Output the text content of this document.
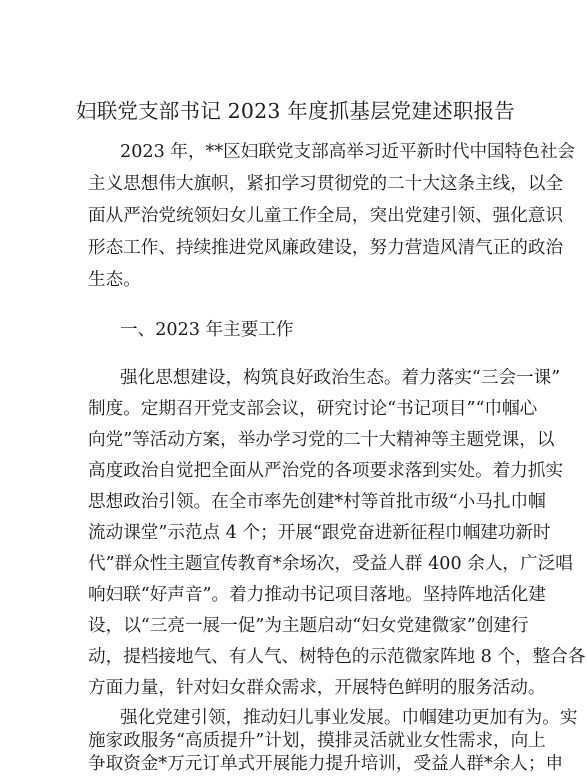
妇联党支部书记 2023 年度抓基层党建述职报告
2023 年，**区妇联党支部高举习近平新时代中国特色社会
主义思想伟大旗帜，紧扣学习贯彻党的二十大这条主线，以全
面从严治党统领妇女儿童工作全局，突出党建引领、强化意识
形态工作、持续推进党风廉政建设，努力营造风清气正的政治
生态。
一、2023 年主要工作
强化思想建设，构筑良好政治生态。着力落实“三会一课”
制度。定期召开党支部会议，研究讨论“书记项目”“巾帼心
向党”等活动方案，举办学习党的二十大精神等主题党课，以
高度政治自觉把全面从严治党的各项要求落到实处。着力抓实
思想政治引领。在全市率先创建*村等首批市级“小马扎巾帼
流动课堂”示范点 4 个；开展“跟党奋进新征程巾帼建功新时
代”群众性主题宣传教育*余场次，受益人群 400 余人，广泛唱
响妇联“好声音”。着力推动书记项目落地。坚持阵地活化建
设，以“三亮一展一促”为主题启动“妇女党建微家”创建行
动，提档接地气、有人气、树特色的示范微家阵地 8 个，整合各
方面力量，针对妇女群众需求，开展特色鲜明的服务活动。
强化党建引领，推动妇儿事业发展。巾帼建功更加有为。实
施家政服务“高质提升”计划，摸排灵活就业女性需求，向上
争取资金*万元订单式开展能力提升培训，受益人群*余人；申
